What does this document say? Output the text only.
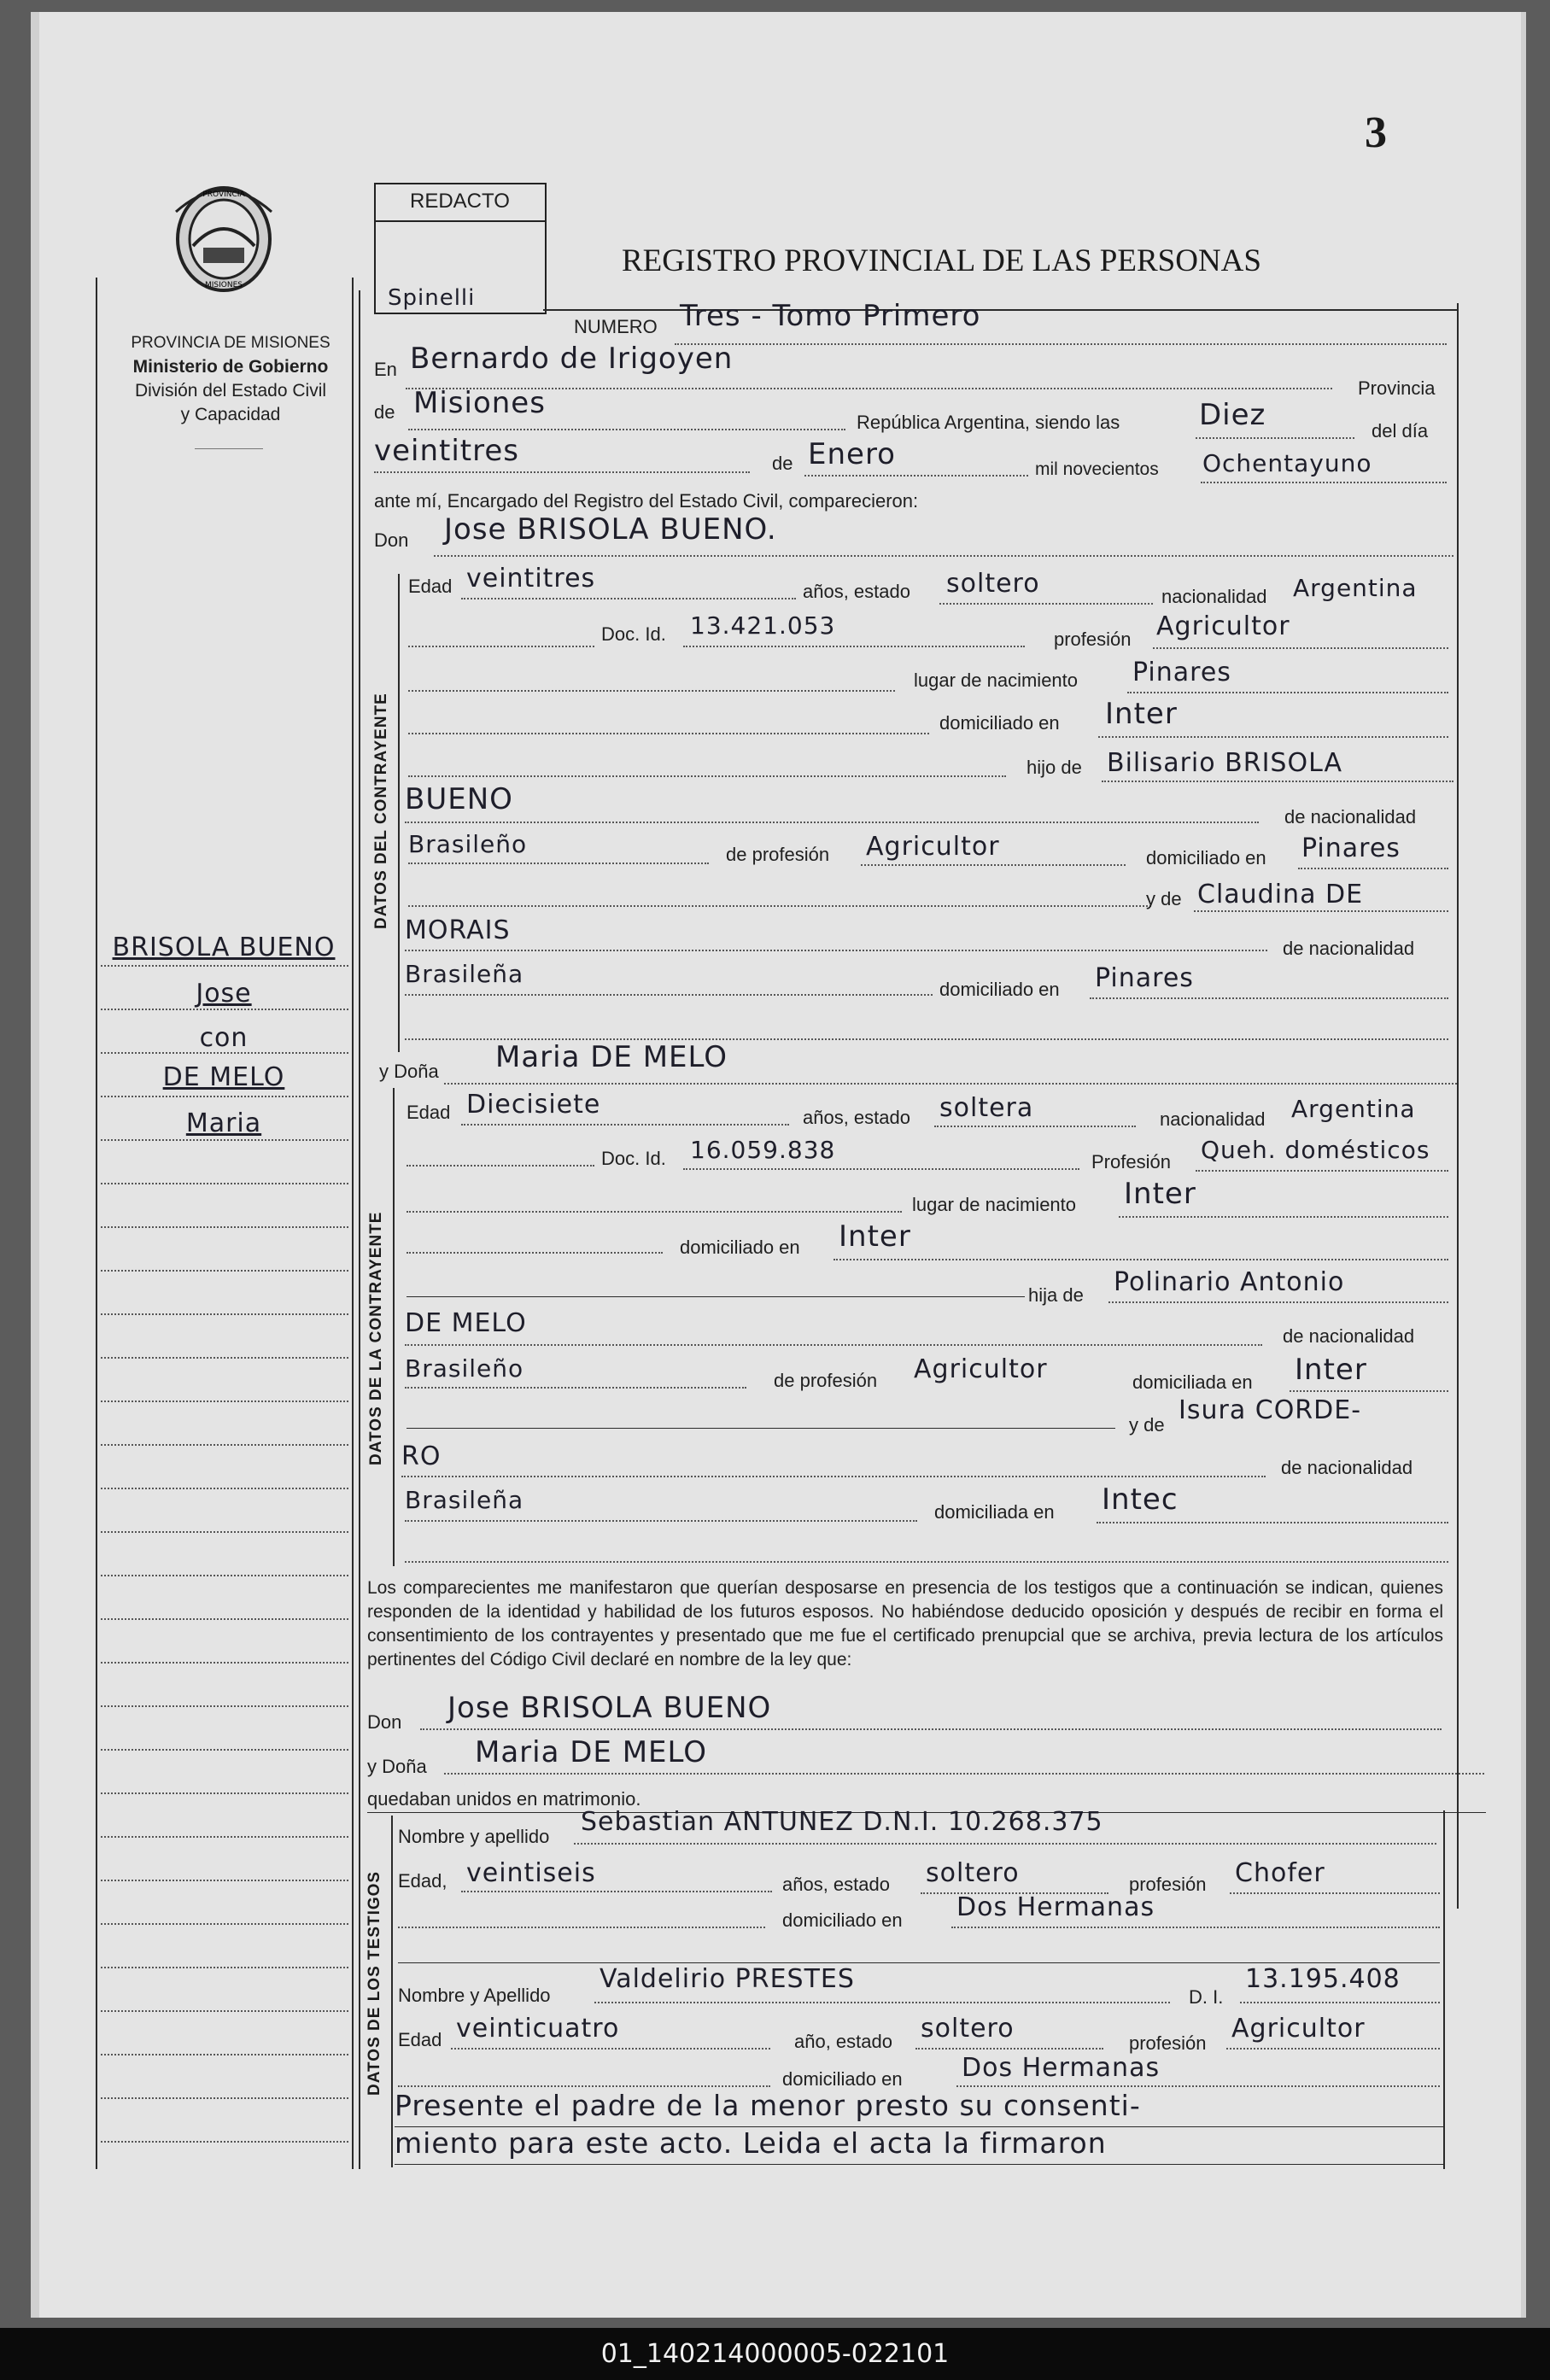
3
PROVINCIA
MISIONES
PROVINCIA DE MISIONES
Ministerio de Gobierno
División del Estado Civil
y Capacidad
BRISOLA BUENO
Jose
con
DE MELO
Maria
REDACTO
Spinelli
REGISTRO PROVINCIAL DE LAS PERSONAS
NUMERO Tres - Tomo Primero
En Bernardo de Irigoyen
Provincia
de Misiones
República Argentina, siendo las	Diez	del día
veintitres	de Enero	mil novecientos Ochentayuno
ante mí, Encargado del Registro del Estado Civil, comparecieron:
Don Jose BRISOLA BUENO.
DATOS DEL CONTRAYENTE
Edad veintitres	años, estado soltero	nacionalidad Argentina
Doc. Id. 13.421.053	profesión Agricultor
lugar de nacimiento Pinares
domiciliado en Inter
hijo de Bilisario BRISOLA
BUENO
de nacionalidad
Brasileño	de profesión Agricultor	domiciliado en Pinares
y de Claudina DE
MORAIS
de nacionalidad
Brasileña
domiciliado en Pinares
y Doña Maria DE MELO
DATOS DE LA CONTRAYENTE
Edad Diecisiete	años, estado soltera	nacionalidad Argentina
Doc. Id. 16.059.838	Profesión Queh. domésticos
lugar de nacimiento Inter
domiciliado en Inter
hija de Polinario Antonio
DE MELO	de nacionalidad
Brasileño	de profesión Agricultor	domiciliada en Inter
y de Isura CORDE-
RO	de nacionalidad
Brasileña	domiciliada en Intec
Los comparecientes me manifestaron que querían desposarse en presencia de los testigos que a continuación se indican, quienes responden de la identidad y habilidad de los futuros esposos. No habiéndose deducido oposición y después de recibir en forma el consentimiento de los contrayentes y presentado que me fue el certificado prenupcial que se archiva, previa lectura de los artículos pertinentes del Código Civil declaré en nombre de la ley que:
Don Jose BRISOLA BUENO
y Doña Maria DE MELO
quedaban unidos en matrimonio.
DATOS DE LOS TESTIGOS
Nombre y apellido Sebastian ANTUNEZ D.N.I. 10.268.375
Edad, veintiseis	años, estado soltero	profesión Chofer
domiciliado en Dos Hermanas
Nombre y Apellido
Valdelirio PRESTES
D. I.
13.195.408
Edad veinticuatro	año, estado soltero	profesión Agricultor
domiciliado en Dos Hermanas
Presente el padre de la menor presto su consenti-
miento para este acto. Leida el acta la firmaron
01_140214000005-022101
